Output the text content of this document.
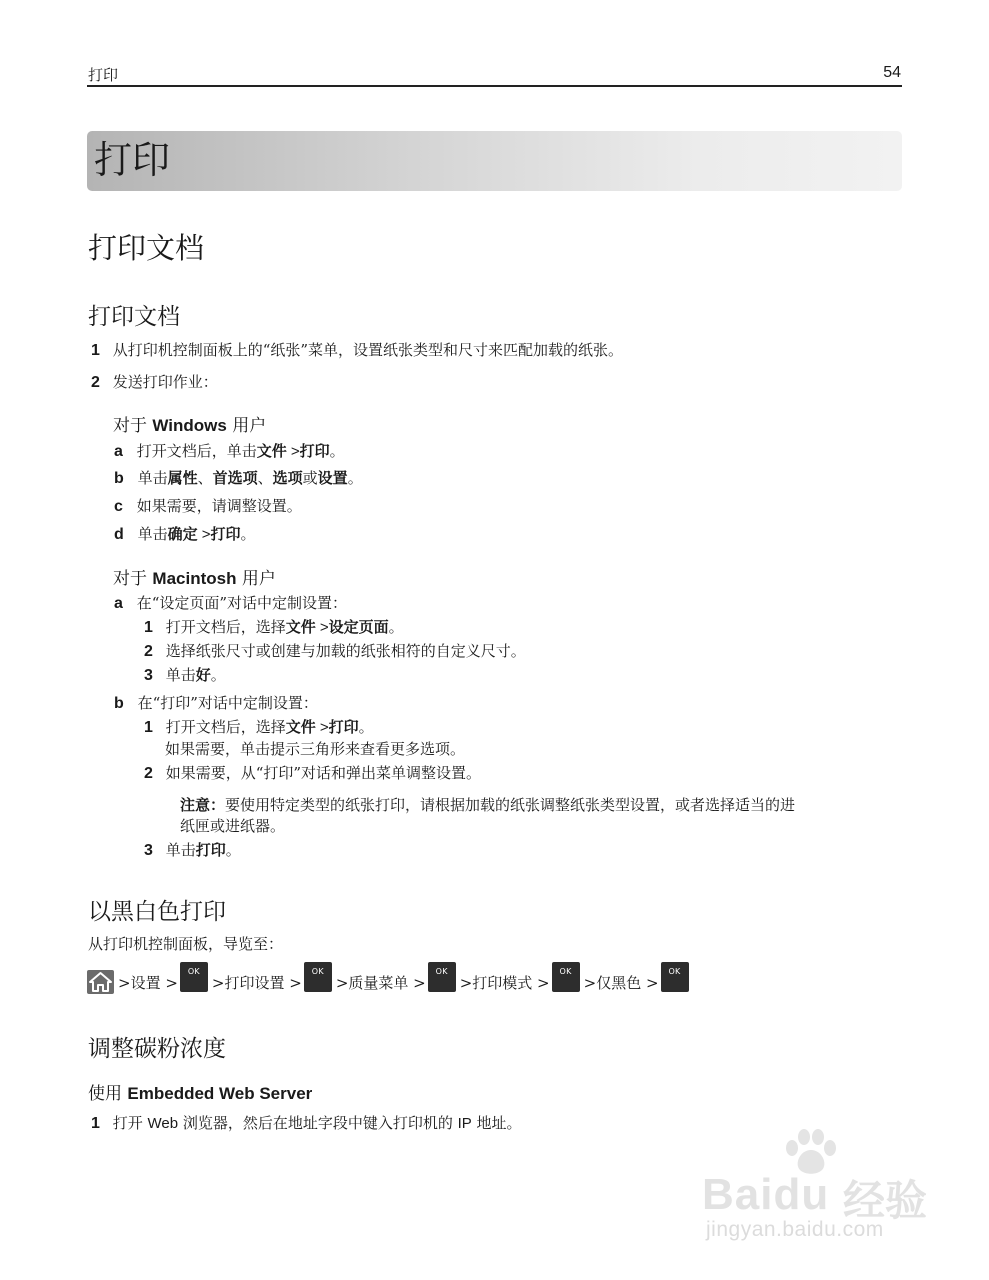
打印	54
打印
打印文档
打印文档
1 从打印机控制面板上的“纸张”菜单，设置纸张类型和尺寸来匹配加载的纸张。
2 发送打印作业：
对于 Windows 用户
a 打开文档后，单击文件 >打印。
b 单击属性、首选项、选项或设置。
c 如果需要，请调整设置。
d 单击确定 >打印。
对于 Macintosh 用户
a 在“设定页面”对话中定制设置：
1 打开文档后，选择文件 >设定页面。
2 选择纸张尺寸或创建与加载的纸张相符的自定义尺寸。
3 单击好。
b 在“打印”对话中定制设置：
1 打开文档后，选择文件 >打印。
如果需要，单击提示三角形来查看更多选项。
2 如果需要，从“打印”对话和弹出菜单调整设置。
注意：要使用特定类型的纸张打印，请根据加载的纸张调整纸张类型设置，或者选择适当的进
纸匣或进纸器。
3 单击打印。
以黑白色打印
从打印机控制面板，导览至：
>设置 >
OK
>打印设置 >
OK
>质量菜单 >
OK
>打印模式 >
OK
>仅黑色 >
OK
调整碳粉浓度
使用 Embedded Web Server
1 打开 Web 浏览器，然后在地址字段中键入打印机的 IP 地址。
Baidu 经验
jingyan.baidu.com
